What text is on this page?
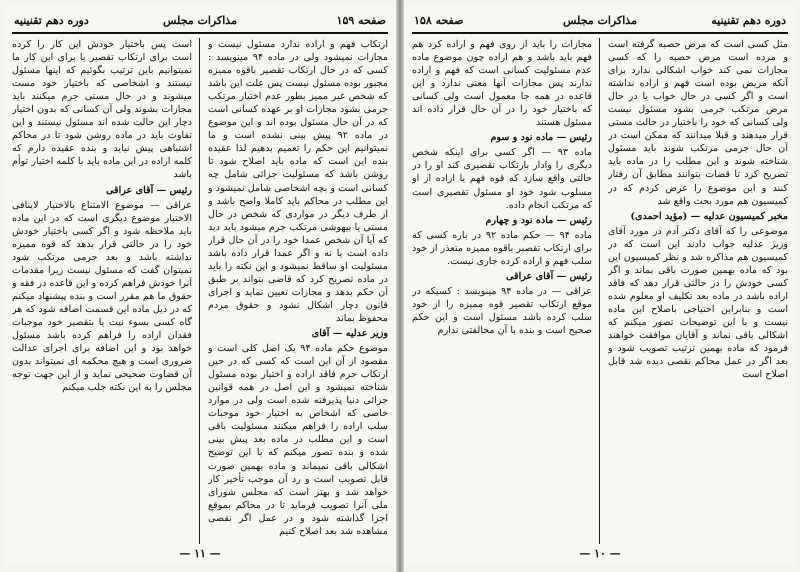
صفحه ۱۵۹
مذاکرات مجلس
دوره دهم تقنینیه

ارتکاب فهم و اراده ندارد مسئول نیست و مجازات نمیشود ولی در ماده ۹۴ مینویسد : کسی که در حال ارتکاب تقصیر باقوه ممیزه مجبور بوده مسئول نیست پس علت این باشد که شخص غیر ممیز بطور عدم اختیار مرتکب جرمی بشود مجازات او بر عهده کسانی است که در آن حال مسئول بوده اند و این موضوع در ماده ۹۲ پیش بینی نشده است و ما نمیتوانیم این حکم را تعمیم بدهیم لذا عقیده بنده این است که ماده باید اصلاح شود تا روشن باشد که مسئولیت جزائی شامل چه کسانی است و بچه اشخاصی شامل نمیشود و این مطلب در محاکم باید کاملا واضح باشد و از طرف دیگر در مواردی که شخص در حال مستی یا بیهوشی مرتکب جرم میشود باید دید که آیا آن شخص عمدا خود را در آن حال قرار داده است یا نه و اگر عمدا قرار داده باشد مسئولیت او ساقط نمیشود و این نکته را باید در ماده تصریح کرد که قاضی بتواند بر طبق آن حکم بدهد و مجازات تعیین نماید و اجرای قانون دچار اشکال نشود و حقوق مردم محفوظ بماند

وزیر عدلیه — آقای

موضوع حکم ماده ۹۴ یک اصل کلی است و مقصود از آن این است که کسی که در حین ارتکاب جرم فاقد اراده و اختیار بوده مسئول شناخته نمیشود و این اصل در همه قوانین جزائی دنیا پذیرفته شده است ولی در موارد خاصی که اشخاص به اختیار خود موجبات سلب اراده را فراهم میکنند مسئولیت باقی است و این مطلب در ماده بعد پیش بینی شده و بنده تصور میکنم که با این توضیح اشکالی باقی نمیماند و ماده بهمین صورت قابل تصویب است و رد آن موجب تأخیر کار خواهد شد و بهتر است که مجلس شورای ملی آنرا تصویب فرماید تا در محاکم بموقع اجرا گذاشته شود و در عمل اگر نقصی مشاهده شد بعد اصلاح کنیم

است پس باختیار خودش این کار را کرده است برای ارتکاب تقصیر یا برای این کار ما نمیتوانیم باین ترتیب بگوئیم که اینها مسئول نیستند و اشخاصی که باختیار خود مست میشوند و در حال مستی جرم میکنند باید مجازات بشوند ولی آن کسانی که بدون اختیار دچار این حالت شده اند مسئول نیستند و این تفاوت باید در ماده روشن شود تا در محاکم اشتباهی پیش نیاید و بنده عقیده دارم که کلمه اراده در این ماده باید با کلمه اختیار توأم باشد

رئیس — آقای عراقی

عراقی — موضوع الامتناع بالاختیار لاینافی الاختیار موضوع دیگری است که در این ماده باید ملاحظه شود و اگر کسی باختیار خودش خود را در حالتی قرار بدهد که قوه ممیزه نداشته باشد و بعد جرمی مرتکب شود نمیتوان گفت که مسئول نیست زیرا مقدمات آنرا خودش فراهم کرده و این قاعده در فقه و حقوق ما هم مقرر است و بنده پیشنهاد میکنم که در ذیل ماده این قسمت اضافه شود که هر گاه کسی بسوء نیت یا بتقصیر خود موجبات فقدان اراده را فراهم کرده باشد مسئول خواهد بود و این اضافه برای اجرای عدالت ضروری است و هیچ محکمه ای نمیتواند بدون آن قضاوت صحیحی نماید و از این جهت توجه مجلس را به این نکته جلب میکنم

— ۱۱ —
دوره دهم تقنینیه
مذاکرات مجلس
صفحه ۱۵۸

مثل کسی است که مرض حصبه گرفته است و مرده است مرض حصبه را که کسی مجازات نمی کند خواب اشکالی ندارد برای آنکه مریض بوده است فهم و اراده نداشته است و اگر کسی در حال خواب یا در حال مرض مرتکب جرمی بشود مسئول نیست ولی کسانی که خود را باختیار در حالت مستی قرار میدهند و قبلا میدانند که ممکن است در آن حال جرمی مرتکب شوند باید مسئول شناخته شوند و این مطلب را در ماده باید تصریح کرد تا قضات بتوانند مطابق آن رفتار کنند و این موضوع را عرض کردم که در کمیسیون هم مورد بحث واقع شد

مخبر کمیسیون عدلیه — (مؤید احمدی)

موضوعی را که آقای دکتر آدم در مورد آقای وزیر عدلیه جواب دادند این است که در کمیسیون هم مذاکره شد و نظر کمیسیون این بود که ماده بهمین صورت باقی بماند و اگر کسی خودش را در حالتی قرار دهد که فاقد اراده باشد در ماده بعد تکلیف او معلوم شده است و بنابراین احتیاجی باصلاح این ماده نیست و با این توضیحات تصور میکنم که اشکالی باقی نماند و آقایان موافقت خواهند فرمود که ماده بهمین ترتیب تصویب شود و بعد اگر در عمل محاکم نقصی دیده شد قابل اصلاح است

مجازات را باید از روی فهم و اراده کرد هم فهم باید باشد و هم اراده چون موضوع ماده عدم مسئولیت کسانی است که فهم و اراده ندارند پس مجازات آنها معنی ندارد و این قاعده در همه جا معمول است ولی کسانی که باختیار خود را در آن حال قرار داده اند مسئول هستند

رئیس — ماده نود و سوم

ماده ۹۳ — اگر کسی برای اینکه شخص دیگری را وادار بارتکاب تقصیری کند او را در حالتی واقع سازد که قوه فهم یا اراده از او مسلوب شود خود او مسئول تقصیری است که مرتکب انجام داده.

رئیس — ماده نود و چهارم

ماده ۹۴ — حکم ماده ۹۲ در باره کسی که برای ارتکاب تقصیر باقوه ممیزه متعذر از خود سلب فهم و اراده کرده جاری نیست.

رئیس — آقای عراقی

عراقی — در ماده ۹۴ مینویسد : کسیکه در موقع ارتکاب تقصیر قوه ممیزه را از خود سلب کرده باشد مسئول است و این حکم صحیح است و بنده با آن مخالفتی ندارم

— ۱۰ —
